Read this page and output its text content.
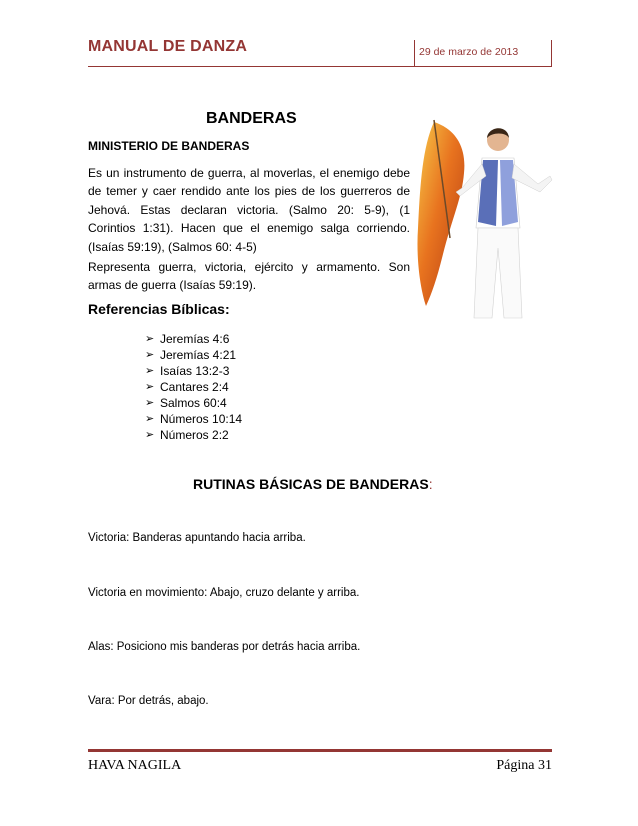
MANUAL DE DANZA	29 de marzo de 2013
BANDERAS
MINISTERIO DE BANDERAS
Es un instrumento de guerra, al moverlas, el enemigo debe de temer y caer rendido ante los pies de los guerreros de Jehová. Estas declaran victoria. (Salmo 20: 5-9), (1 Corintios 1:31). Hacen que el enemigo salga corriendo. (Isaías 59:19), (Salmos 60: 4-5)
Representa guerra, victoria, ejército y armamento. Son armas de guerra (Isaías 59:19).
Referencias Bíblicas:
➢ Jeremías 4:6
➢ Jeremías 4:21
➢ Isaías 13:2-3
➢ Cantares 2:4
➢ Salmos 60:4
➢ Números 10:14
➢ Números 2:2
RUTINAS BÁSICAS DE BANDERAS:
Victoria: Banderas apuntando hacia arriba.
Victoria en movimiento: Abajo, cruzo delante y arriba.
Alas: Posiciono mis banderas por detrás hacia arriba.
Vara: Por detrás, abajo.
HAVA NAGILA	Página 31
